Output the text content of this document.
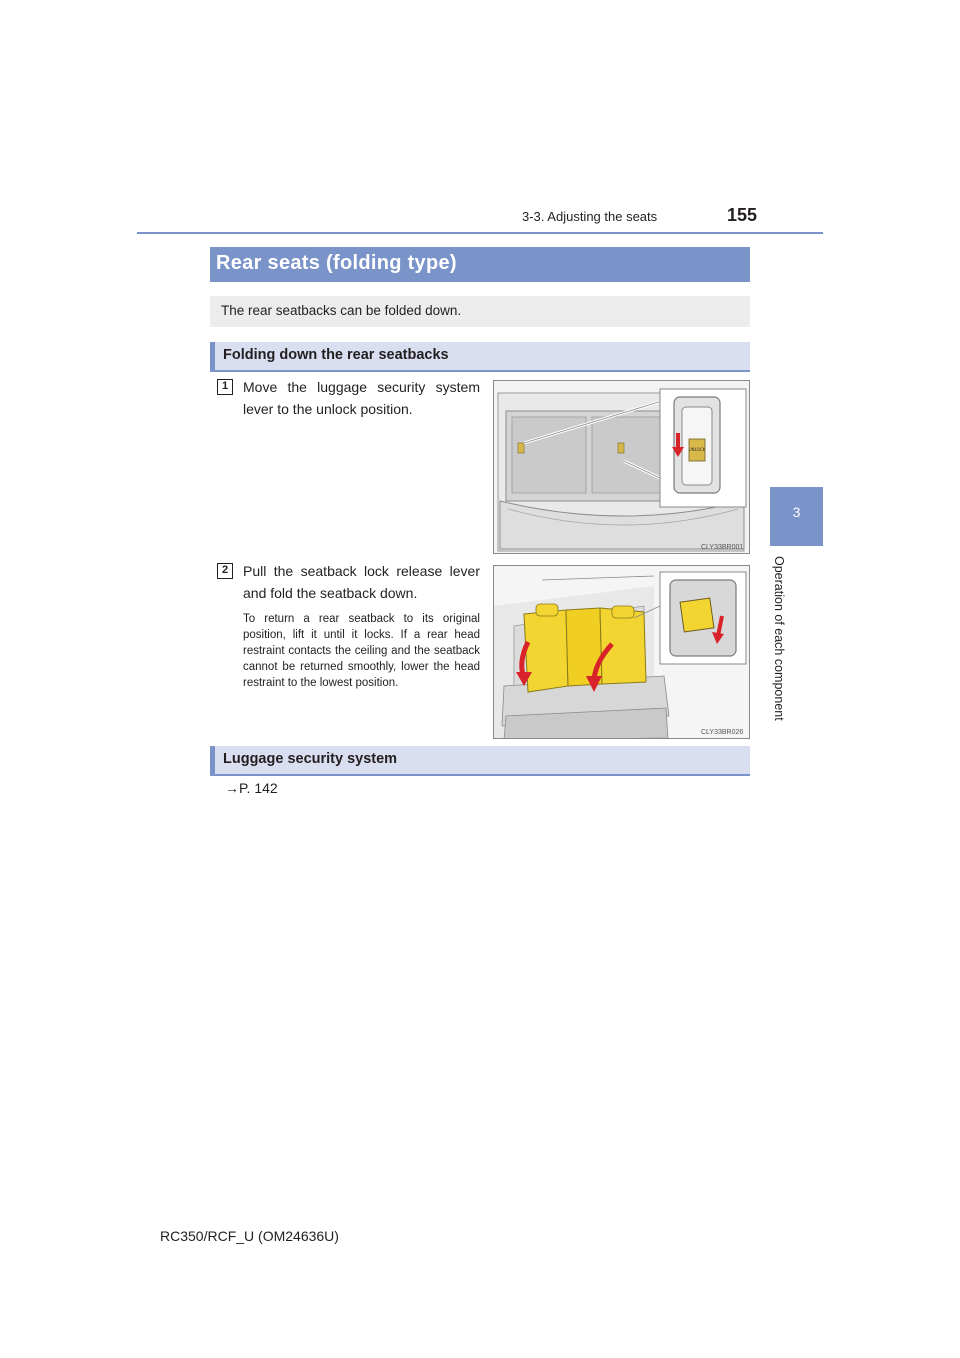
3-3. Adjusting the seats	155
3
Operation of each component
Rear seats (folding type)
The rear seatbacks can be folded down.
Folding down the rear seatbacks
1	Move the luggage security system lever to the unlock position.
UNLOCK
CLY33BR001
2	Pull the seatback lock release lever and fold the seatback down.
To return a rear seatback to its original position, lift it until it locks. If a rear head restraint contacts the ceiling and the seatback cannot be returned smoothly, lower the head restraint to the lowest position.
CLY33BR026
Luggage security system
→P. 142
RC350/RCF_U (OM24636U)
